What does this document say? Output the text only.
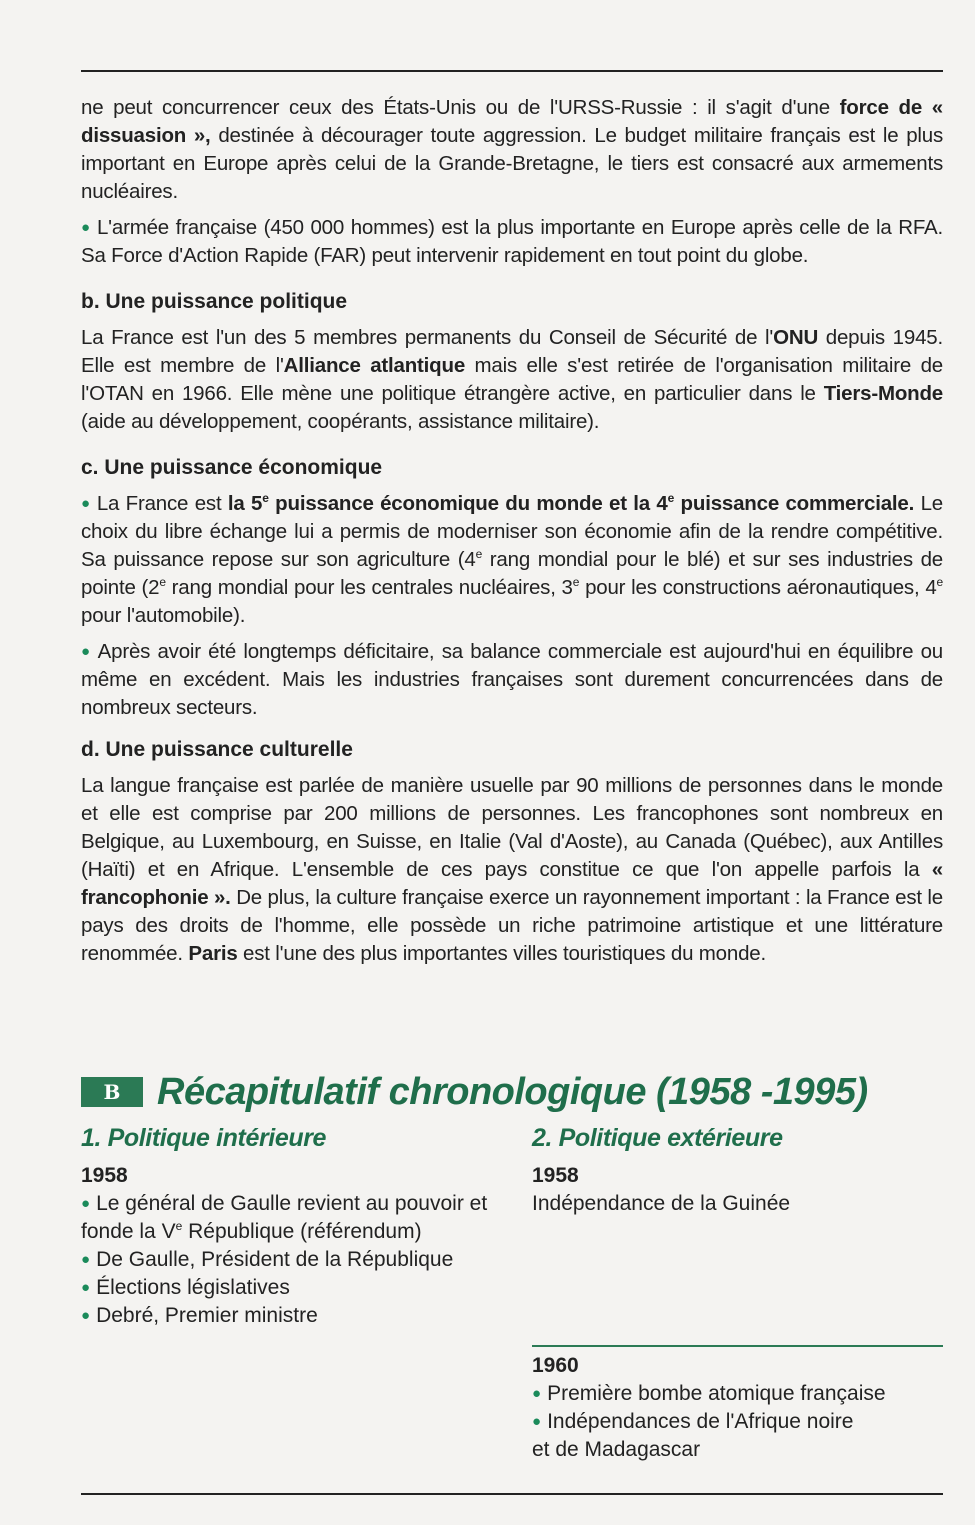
ne peut concurrencer ceux des États-Unis ou de l'URSS-Russie : il s'agit d'une force de « dissuasion », destinée à décourager toute aggression. Le budget militaire français est le plus important en Europe après celui de la Grande-Bretagne, le tiers est consacré aux armements nucléaires.

● L'armée française (450 000 hommes) est la plus importante en Europe après celle de la RFA. Sa Force d'Action Rapide (FAR) peut intervenir rapidement en tout point du globe.

b. Une puissance politique

La France est l'un des 5 membres permanents du Conseil de Sécurité de l'ONU depuis 1945. Elle est membre de l'Alliance atlantique mais elle s'est retirée de l'organisation militaire de l'OTAN en 1966. Elle mène une politique étrangère active, en particulier dans le Tiers-Monde (aide au développement, coopérants, assistance militaire).

c. Une puissance économique

● La France est la 5e puissance économique du monde et la 4e puissance commerciale. Le choix du libre échange lui a permis de moderniser son économie afin de la rendre compétitive. Sa puissance repose sur son agriculture (4e rang mondial pour le blé) et sur ses industries de pointe (2e rang mondial pour les centrales nucléaires, 3e pour les constructions aéronautiques, 4e pour l'automobile).

● Après avoir été longtemps déficitaire, sa balance commerciale est aujourd'hui en équilibre ou même en excédent. Mais les industries françaises sont durement concurrencées dans de nombreux secteurs.

d. Une puissance culturelle

La langue française est parlée de manière usuelle par 90 millions de personnes dans le monde et elle est comprise par 200 millions de personnes. Les francophones sont nombreux en Belgique, au Luxembourg, en Suisse, en Italie (Val d'Aoste), au Canada (Québec), aux Antilles (Haïti) et en Afrique. L'ensemble de ces pays constitue ce que l'on appelle parfois la « francophonie ». De plus, la culture française exerce un rayonnement important : la France est le pays des droits de l'homme, elle possède un riche patrimoine artistique et une littérature renommée. Paris est l'une des plus importantes villes touristiques du monde.

B Récapitulatif chronologique (1958 -1995)
1. Politique intérieure

1958

● Le général de Gaulle revient au pouvoir et fonde la Ve République (référendum)

● De Gaulle, Président de la République

● Élections législatives

● Debré, Premier ministre

2. Politique extérieure

1958

Indépendance de la Guinée

1960

● Première bombe atomique française

● Indépendances de l'Afrique noire

et de Madagascar
